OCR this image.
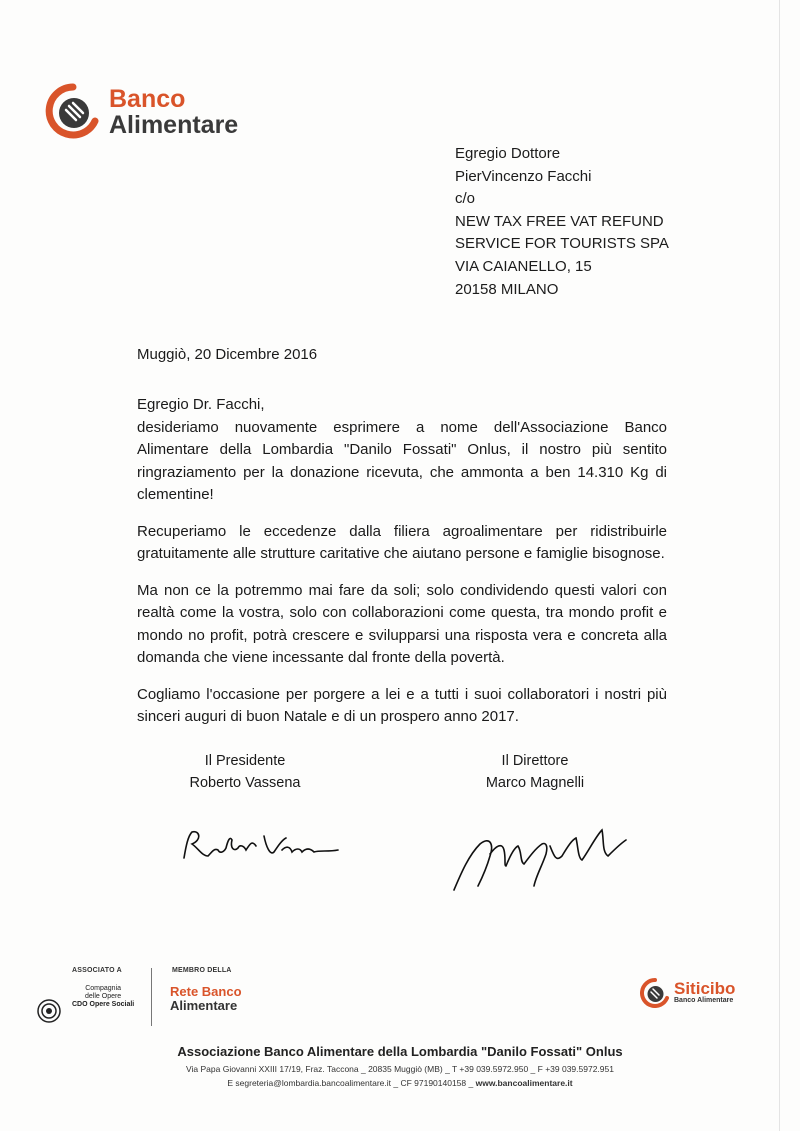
Banco
Alimentare
Egregio Dottore
PierVincenzo Facchi
c/o
NEW TAX FREE VAT REFUND
SERVICE FOR TOURISTS SPA
VIA CAIANELLO, 15
20158 MILANO
Muggiò, 20 Dicembre 2016
Egregio Dr. Facchi,

desideriamo nuovamente esprimere a nome dell'Associazione Banco Alimentare della Lombardia "Danilo Fossati" Onlus, il nostro più sentito ringraziamento per la donazione ricevuta, che ammonta a ben 14.310 Kg di clementine!

Recuperiamo le eccedenze dalla filiera agroalimentare per ridistribuirle gratuitamente alle strutture caritative che aiutano persone e famiglie bisognose.

Ma non ce la potremmo mai fare da soli; solo condividendo questi valori con realtà come la vostra, solo con collaborazioni come questa, tra mondo profit e mondo no profit, potrà crescere e svilupparsi una risposta vera e concreta alla domanda che viene incessante dal fronte della povertà.

Cogliamo l'occasione per porgere a lei e a tutti i suoi collaboratori i nostri più sinceri auguri di buon Natale e di un prospero anno 2017.

Il Presidente
Roberto Vassena
Il Direttore
Marco Magnelli
ASSOCIATO A
Compagnia
delle Opere
CDO Opere Sociali
MEMBRO DELLA
Rete Banco
Alimentare
Siticibo
Banco Alimentare
Associazione Banco Alimentare della Lombardia "Danilo Fossati" Onlus
Via Papa Giovanni XXIII 17/19, Fraz. Taccona _ 20835 Muggiò (MB) _ T +39 039.5972.950 _ F +39 039.5972.951
E segreteria@lombardia.bancoalimentare.it _ CF 97190140158 _ www.bancoalimentare.it
